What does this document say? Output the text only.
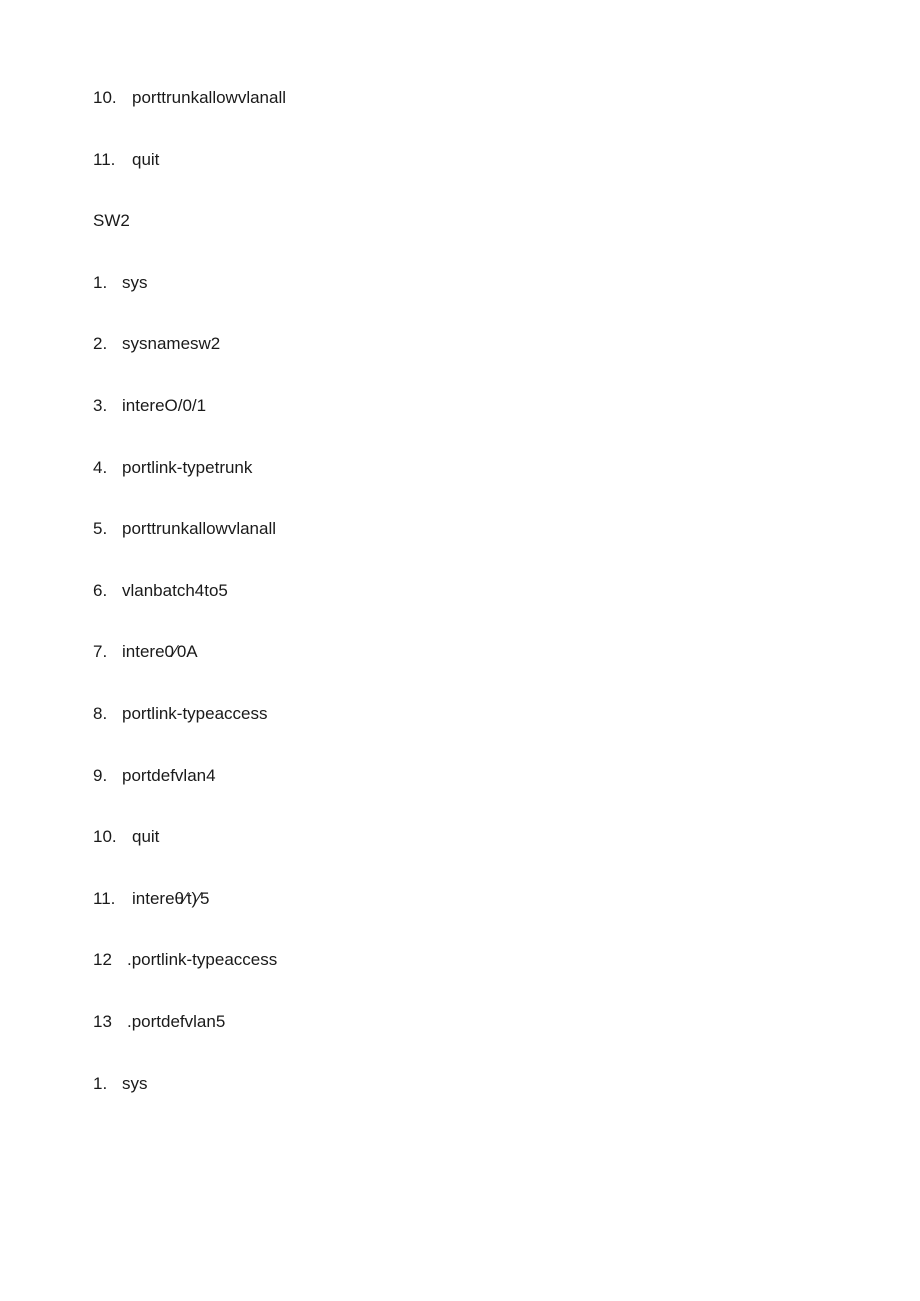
10. porttrunkallowvlanall
11. quit
SW2
1. sys
2. sysnamesw2
3. intereO/0/1
4. portlink-typetrunk
5. porttrunkallowvlanall
6. vlanbatch4to5
7. intere0∕0A
8. portlink-typeaccess
9. portdefvlan4
10. quit
11. intereθ∕t)∕5
12 .portlink-typeaccess
13 .portdefvlan5
1. sys
